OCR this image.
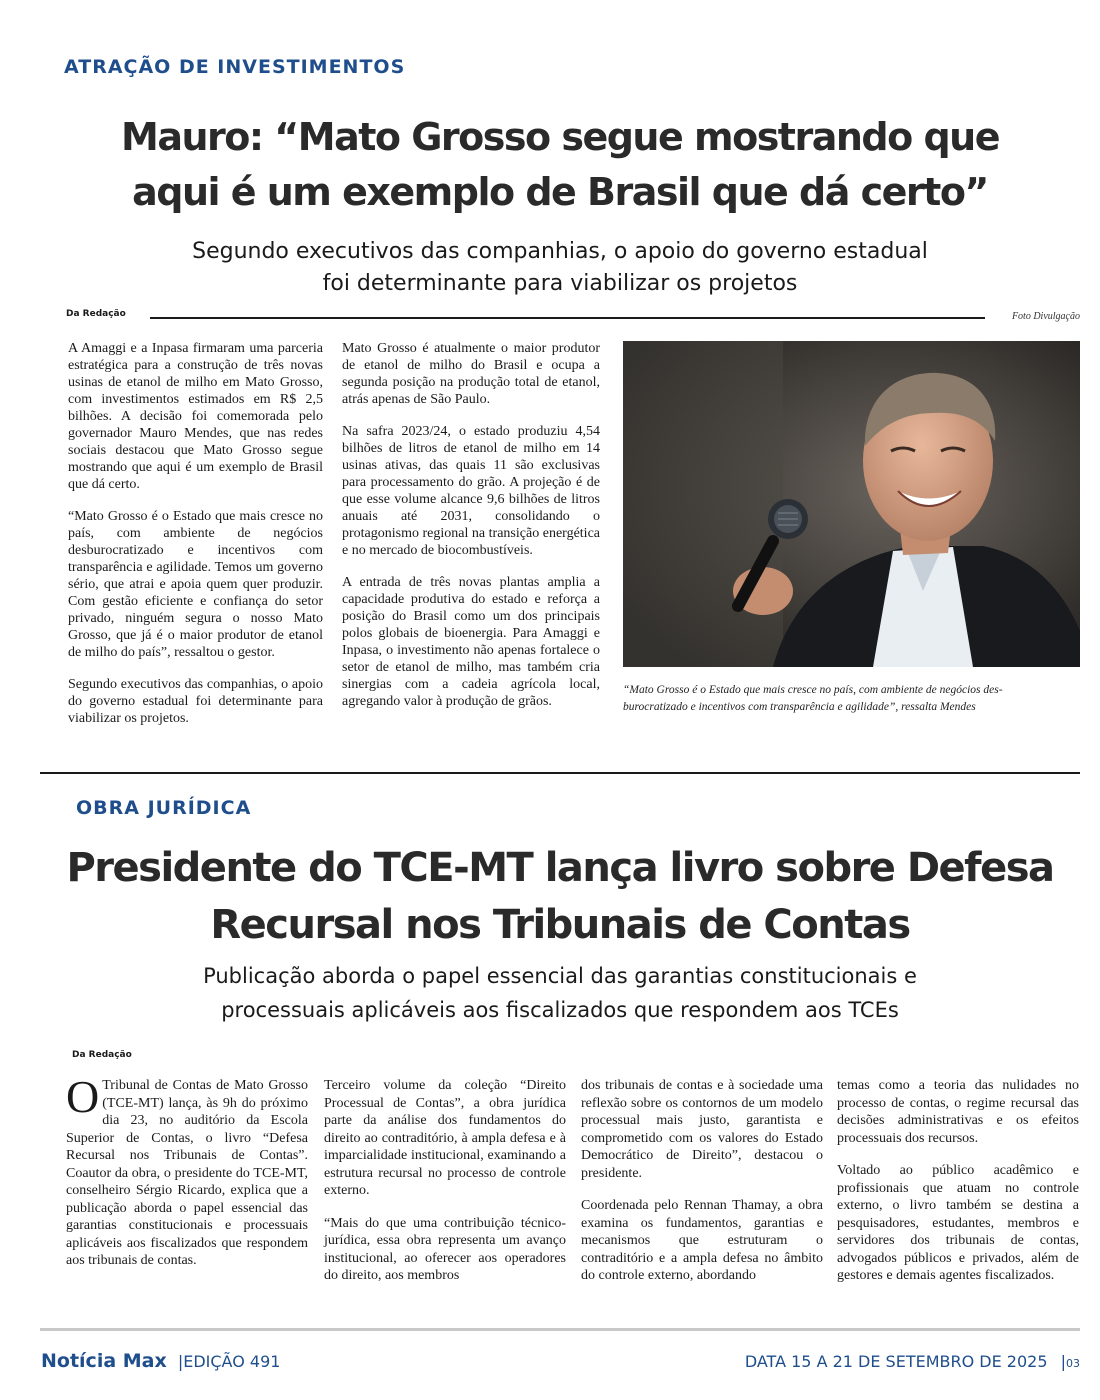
ATRAÇÃO DE INVESTIMENTOS
Mauro: “Mato Grosso segue mostrando que
aqui é um exemplo de Brasil que dá certo”
Segundo executivos das companhias, o apoio do governo estadual
foi determinante para viabilizar os projetos
Da Redação	Foto Divulgação

A Amaggi e a Inpasa firmaram uma parceria estratégica para a construção de três novas usinas de etanol de milho em Mato Grosso, com investimentos estimados em R$ 2,5 bilhões. A decisão foi comemorada pelo governador Mauro Mendes, que nas redes sociais destacou que Mato Grosso segue mostrando que aqui é um exemplo de Brasil que dá certo.

“Mato Grosso é o Estado que mais cresce no país, com ambiente de negócios desburocratizado e incentivos com transparência e agilidade. Temos um governo sério, que atrai e apoia quem quer produzir. Com gestão eficiente e confiança do setor privado, ninguém segura o nosso Mato Grosso, que já é o maior produtor de etanol de milho do país”, ressaltou o gestor.

Segundo executivos das companhias, o apoio do governo estadual foi determinante para viabilizar os projetos.

Mato Grosso é atualmente o maior produtor de etanol de milho do Brasil e ocupa a segunda posição na produção total de etanol, atrás apenas de São Paulo.

Na safra 2023/24, o estado produziu 4,54 bilhões de litros de etanol de milho em 14 usinas ativas, das quais 11 são exclusivas para processamento do grão. A projeção é de que esse volume alcance 9,6 bilhões de litros anuais até 2031, consolidando o protagonismo regional na transição energética e no mercado de biocombustíveis.

A entrada de três novas plantas amplia a capacidade produtiva do estado e reforça a posição do Brasil como um dos principais polos globais de bioenergia. Para Amaggi e Inpasa, o investimento não apenas fortalece o setor de etanol de milho, mas também cria sinergias com a cadeia agrícola local, agregando valor à produção de grãos.

“Mato Grosso é o Estado que mais cresce no país, com ambiente de negócios des-
burocratizado e incentivos com transparência e agilidade”, ressalta Mendes
OBRA JURÍDICA
Presidente do TCE-MT lança livro sobre Defesa
Recursal nos Tribunais de Contas
Publicação aborda o papel essencial das garantias constitucionais e
processuais aplicáveis aos fiscalizados que respondem aos TCEs
Da Redação

O Tribunal de Contas de Mato Grosso (TCE-MT) lança, às 9h do próximo dia 23, no auditório da Escola Superior de Contas, o livro “Defesa Recursal nos Tribunais de Contas”. Coautor da obra, o presidente do TCE-MT, conselheiro Sérgio Ricardo, explica que a publicação aborda o papel essencial das garantias constitucionais e processuais aplicáveis aos fiscalizados que respondem aos tribunais de contas.

Terceiro volume da coleção “Direito Processual de Contas”, a obra jurídica parte da análise dos fundamentos do direito ao contraditório, à ampla defesa e à imparcialidade institucional, examinando a estrutura recursal no processo de controle externo.

“Mais do que uma contribuição técnico-jurídica, essa obra representa um avanço institucional, ao oferecer aos operadores do direito, aos membros

dos tribunais de contas e à sociedade uma reflexão sobre os contornos de um modelo processual mais justo, garantista e comprometido com os valores do Estado Democrático de Direito”, destacou o presidente.

Coordenada pelo Rennan Thamay, a obra examina os fundamentos, garantias e mecanismos que estruturam o contraditório e a ampla defesa no âmbito do controle externo, abordando

temas como a teoria das nulidades no processo de contas, o regime recursal das decisões administrativas e os efeitos processuais dos recursos.

Voltado ao público acadêmico e profissionais que atuam no controle externo, o livro também se destina a pesquisadores, estudantes, membros e servidores dos tribunais de contas, advogados públicos e privados, além de gestores e demais agentes fiscalizados.

Notícia Max |EDIÇÃO 491	DATA 15 A 21 DE SETEMBRO DE 2025 |03
